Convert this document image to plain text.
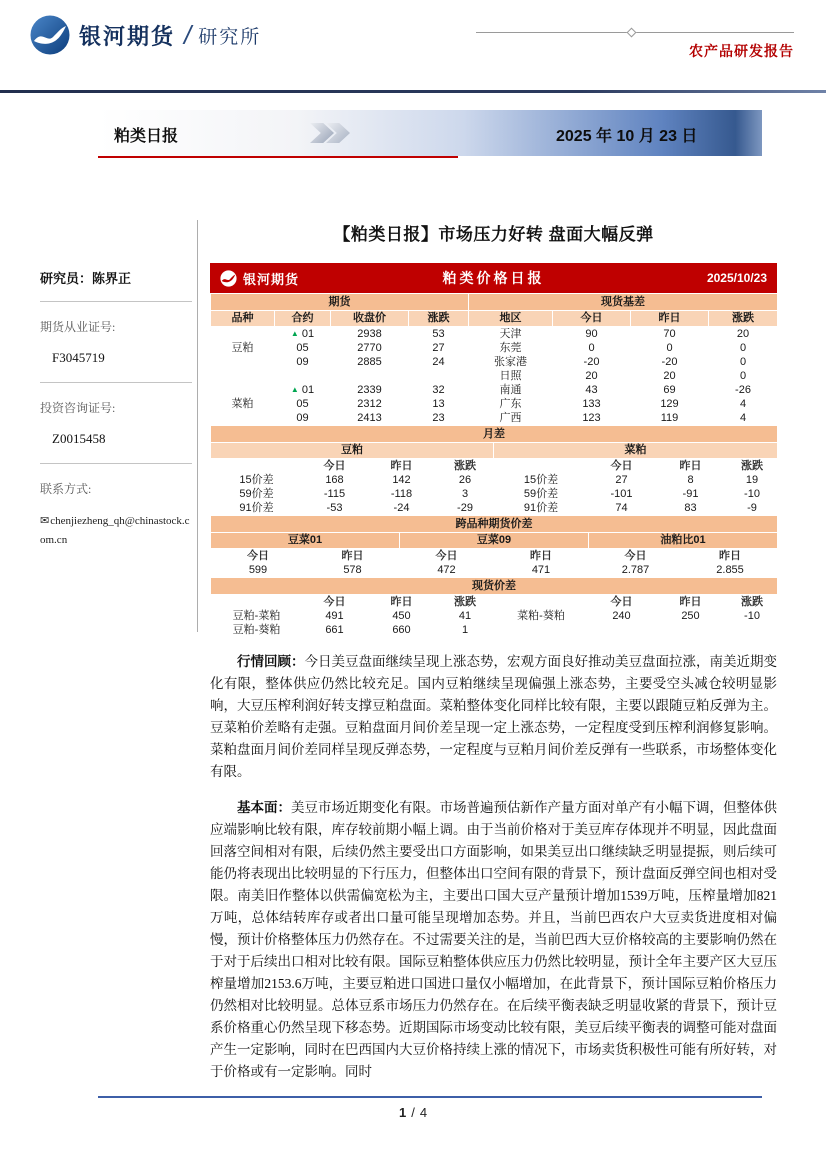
银河期货 / 研究所
农产品研发报告
粕类日报	2025 年 10 月 23 日
研究员：陈界正
期货从业证号:
F3045719
投资咨询证号:
Z0015458
联系方式:
✉chenjiezheng_qh@chinastock.com.cn
【粕类日报】市场压力好转 盘面大幅反弹
银河期货	粕类价格日报	2025/10/23
期货				现货基差			
品种	合约	收盘价	涨跌	地区	今日	昨日	涨跌
豆粕	▲ 01	2938	53	天津	90	70	20
	05	2770	27	东莞	0	0	0
	09	2885	24	张家港	-20	-20	0
				日照	20	20	0
菜粕	▲ 01	2339	32	南通	43	69	-26
	05	2312	13	广东	133	129	4
	09	2413	23	广西	123	119	4
月差							
豆粕				菜粕			
	今日	昨日	涨跌		今日	昨日	涨跌
15价差	168	142	26	15价差	27	8	19
59价差	-115	-118	3	59价差	-101	-91	-10
91价差	-53	-24	-29	91价差	74	83	-9
跨品种期货价差					
豆菜01		豆菜09		油粕比01	
今日	昨日	今日	昨日	今日	昨日
599	578	472	471	2.787	2.855
现货价差							
	今日	昨日	涨跌		今日	昨日	涨跌
豆粕-菜粕	491	450	41	菜粕-葵粕	240	250	-10
豆粕-葵粕	661	660	1				

行情回顾：今日美豆盘面继续呈现上涨态势，宏观方面良好推动美豆盘面拉涨，南美近期变化有限，整体供应仍然比较充足。国内豆粕继续呈现偏强上涨态势，主要受空头减仓较明显影响，大豆压榨利润好转支撑豆粕盘面。菜粕整体变化同样比较有限，主要以跟随豆粕反弹为主。豆菜粕价差略有走强。豆粕盘面月间价差呈现一定上涨态势，一定程度受到压榨利润修复影响。菜粕盘面月间价差同样呈现反弹态势，一定程度与豆粕月间价差反弹有一些联系，市场整体变化有限。

基本面：美豆市场近期变化有限。市场普遍预估新作产量方面对单产有小幅下调，但整体供应端影响比较有限，库存较前期小幅上调。由于当前价格对于美豆库存体现并不明显，因此盘面回落空间相对有限，后续仍然主要受出口方面影响，如果美豆出口继续缺乏明显提振，则后续可能仍将表现出比较明显的下行压力，但整体出口空间有限的背景下，预计盘面反弹空间也相对受限。南美旧作整体以供需偏宽松为主，主要出口国大豆产量预计增加1539万吨，压榨量增加821万吨，总体结转库存或者出口量可能呈现增加态势。并且，当前巴西农户大豆卖货进度相对偏慢，预计价格整体压力仍然存在。不过需要关注的是，当前巴西大豆价格较高的主要影响仍然在于对于后续出口相对比较有限。国际豆粕整体供应压力仍然比较明显，预计全年主要产区大豆压榨量增加2153.6万吨，主要豆粕进口国进口量仅小幅增加，在此背景下，预计国际豆粕价格压力仍然相对比较明显。总体豆系市场压力仍然存在。在后续平衡表缺乏明显收紧的背景下，预计豆系价格重心仍然呈现下移态势。近期国际市场变动比较有限，美豆后续平衡表的调整可能对盘面产生一定影响，同时在巴西国内大豆价格持续上涨的情况下，市场卖货积极性可能有所好转，对于价格或有一定影响。同时

1 / 4
